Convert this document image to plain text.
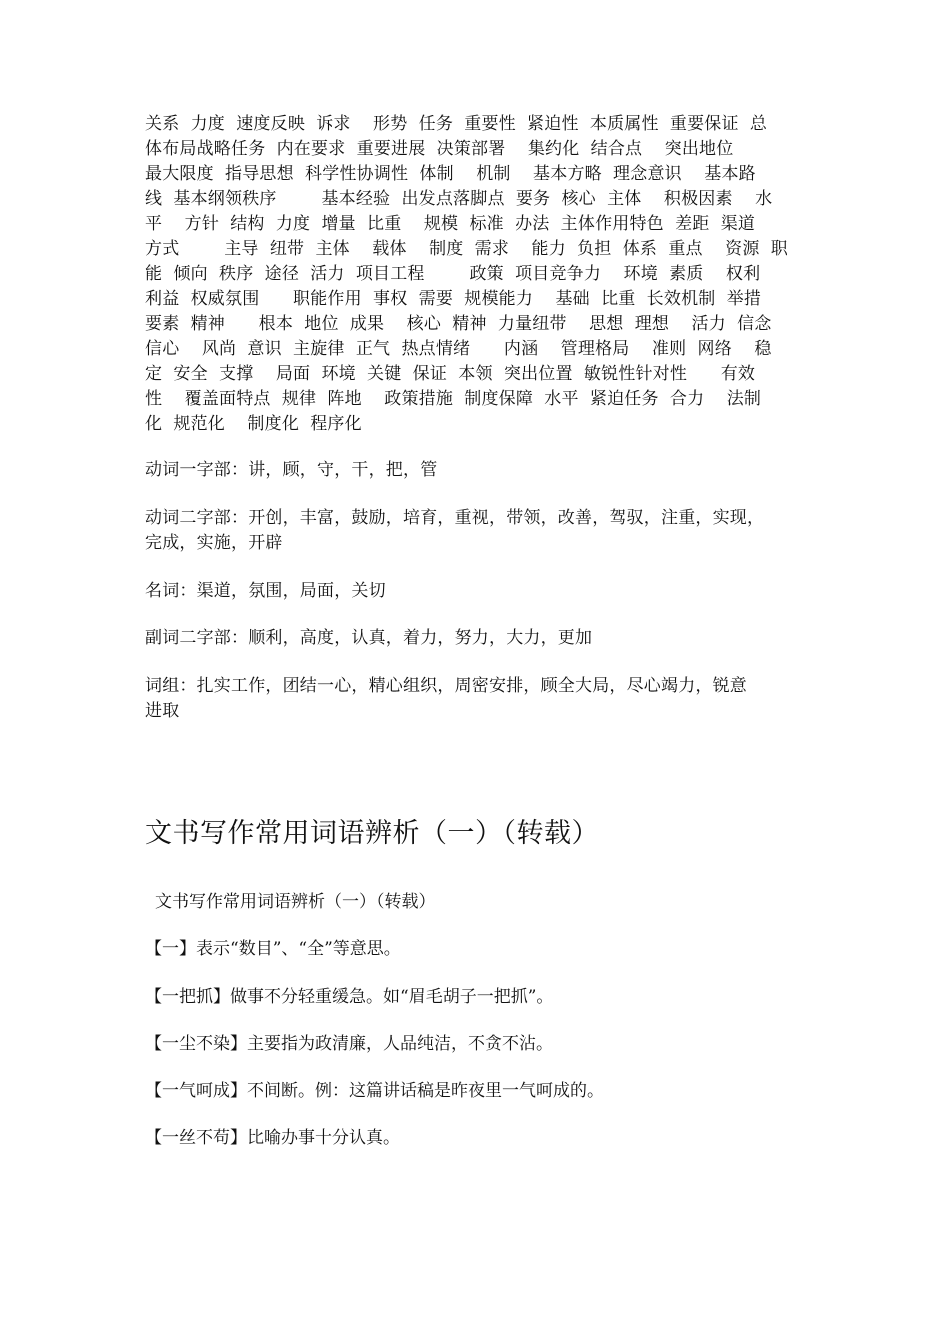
关系  力度  速度反映  诉求    形势  任务  重要性  紧迫性  本质属性  重要保证  总
体布局战略任务  内在要求  重要进展  决策部署    集约化  结合点    突出地位
最大限度  指导思想  科学性协调性  体制    机制    基本方略  理念意识    基本路
线  基本纲领秩序        基本经验  出发点落脚点  要务  核心  主体    积极因素    水
平    方针  结构  力度  增量  比重    规模  标准  办法  主体作用特色  差距  渠道
方式        主导  纽带  主体    载体    制度  需求    能力  负担  体系  重点    资源  职
能  倾向  秩序  途径  活力  项目工程        政策  项目竞争力    环境  素质    权利
利益  权威氛围      职能作用  事权  需要  规模能力    基础  比重  长效机制  举措
要素  精神      根本  地位  成果    核心  精神  力量纽带    思想  理想    活力  信念
信心    风尚  意识  主旋律  正气  热点情绪      内涵    管理格局    准则  网络    稳
定  安全  支撑    局面  环境  关键  保证  本领  突出位置  敏锐性针对性      有效
性    覆盖面特点  规律  阵地    政策措施  制度保障  水平  紧迫任务  合力    法制
化  规范化    制度化  程序化

动词一字部：讲，顾，守，干，把，管

动词二字部：开创，丰富，鼓励，培育，重视，带领，改善，驾驭，注重，实现，
完成，实施，开辟

名词：渠道，氛围，局面，关切

副词二字部：顺利，高度，认真，着力，努力，大力，更加

词组：扎实工作，团结一心，精心组织，周密安排，顾全大局，尽心竭力，锐意
进取
文书写作常用词语辨析（一）（转载）

文书写作常用词语辨析（一）（转载）

【一】表示“数目”、“全”等意思。

【一把抓】做事不分轻重缓急。如“眉毛胡子一把抓”。

【一尘不染】主要指为政清廉，人品纯洁，不贪不沾。

【一气呵成】不间断。例：这篇讲话稿是昨夜里一气呵成的。

【一丝不苟】比喻办事十分认真。
